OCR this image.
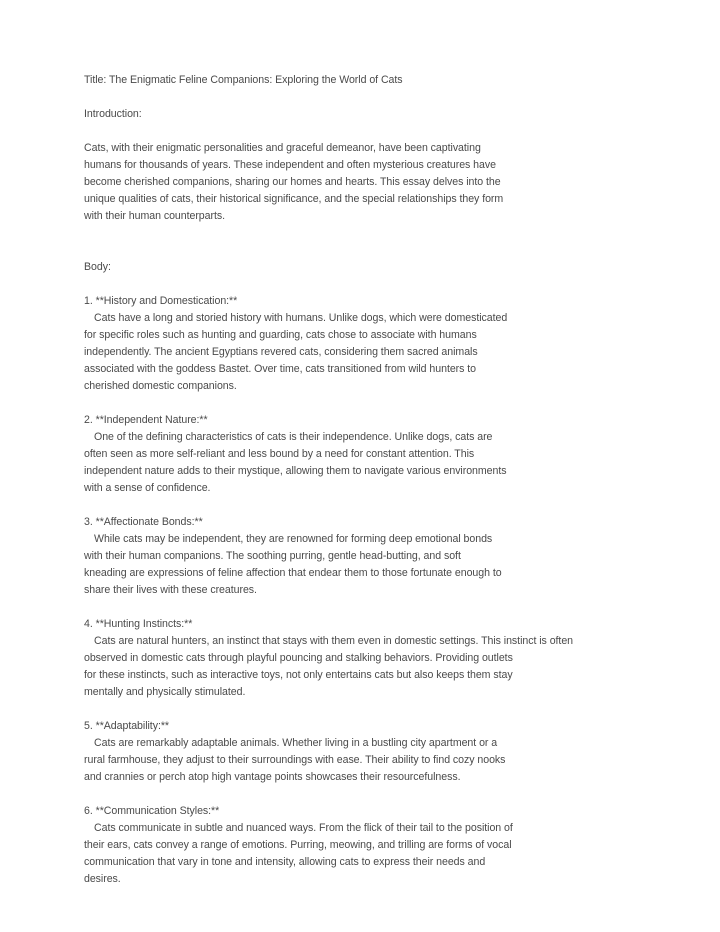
Title: The Enigmatic Feline Companions: Exploring the World of Cats
Introduction:
Cats, with their enigmatic personalities and graceful demeanor, have been captivating
humans for thousands of years. These independent and often mysterious creatures have
become cherished companions, sharing our homes and hearts. This essay delves into the
unique qualities of cats, their historical significance, and the special relationships they form
with their human counterparts.
Body:
1. **History and Domestication:**
Cats have a long and storied history with humans. Unlike dogs, which were domesticated
for specific roles such as hunting and guarding, cats chose to associate with humans
independently. The ancient Egyptians revered cats, considering them sacred animals
associated with the goddess Bastet. Over time, cats transitioned from wild hunters to
cherished domestic companions.
2. **Independent Nature:**
One of the defining characteristics of cats is their independence. Unlike dogs, cats are
often seen as more self-reliant and less bound by a need for constant attention. This
independent nature adds to their mystique, allowing them to navigate various environments
with a sense of confidence.
3. **Affectionate Bonds:**
While cats may be independent, they are renowned for forming deep emotional bonds
with their human companions. The soothing purring, gentle head-butting, and soft
kneading are expressions of feline affection that endear them to those fortunate enough to
share their lives with these creatures.
4. **Hunting Instincts:**
Cats are natural hunters, an instinct that stays with them even in domestic settings. This instinct is often
observed in domestic cats through playful pouncing and stalking behaviors. Providing outlets
for these instincts, such as interactive toys, not only entertains cats but also keeps them stay
mentally and physically stimulated.
5. **Adaptability:**
Cats are remarkably adaptable animals. Whether living in a bustling city apartment or a
rural farmhouse, they adjust to their surroundings with ease. Their ability to find cozy nooks
and crannies or perch atop high vantage points showcases their resourcefulness.
6. **Communication Styles:**
Cats communicate in subtle and nuanced ways. From the flick of their tail to the position of
their ears, cats convey a range of emotions. Purring, meowing, and trilling are forms of vocal
communication that vary in tone and intensity, allowing cats to express their needs and
desires.
